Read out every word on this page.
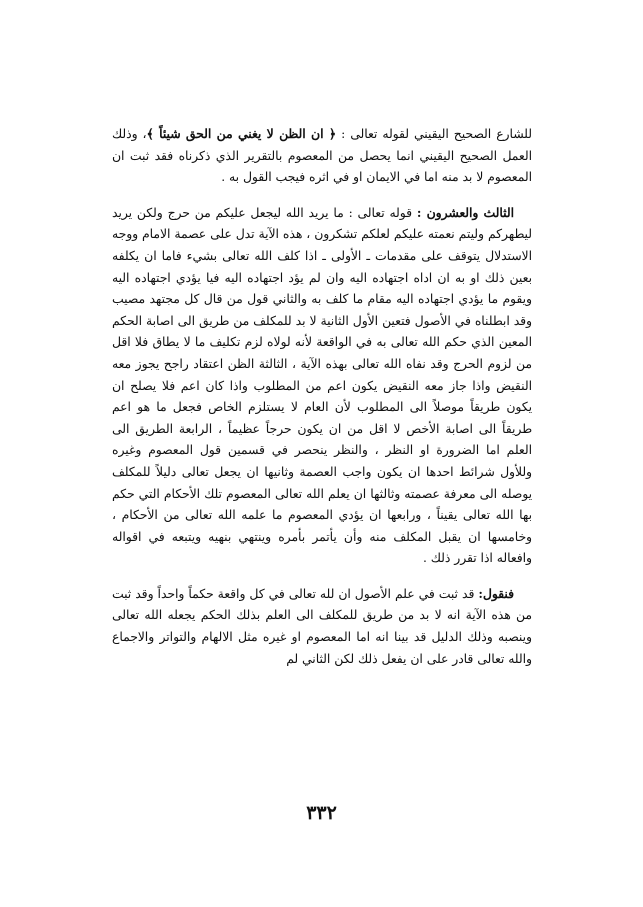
للشارع الصحيح اليقيني لقوله تعالى : ﴿ ان الظن لا يغني من الحق شيئاً ﴾، وذلك العمل الصحيح اليقيني انما يحصل من المعصوم بالتقرير الذي ذكرناه فقد ثبت ان المعصوم لا بد منه اما في الايمان او في اثره فيجب القول به .

الثالث والعشرون : قوله تعالى : ما يريد الله ليجعل عليكم من حرج ولكن يريد ليطهركم وليتم نعمته عليكم لعلكم تشكرون ، هذه الآية تدل على عصمة الامام ووجه الاستدلال يتوقف على مقدمات ـ الأولى ـ اذا كلف الله تعالى بشيء فاما ان يكلفه بعين ذلك او به ان اداه اجتهاده اليه وان لم يؤد اجتهاده اليه فيا يؤدي اجتهاده اليه ويقوم ما يؤدي اجتهاده اليه مقام ما كلف به والثاني قول من قال كل مجتهد مصيب وقد ابطلناه في الأصول فتعين الأول الثانية لا بد للمكلف من طريق الى اصابة الحكم المعين الذي حكم الله تعالى به في الواقعة لأنه لولاه لزم تكليف ما لا يطاق فلا اقل من لزوم الحرج وقد نفاه الله تعالى بهذه الآية ، الثالثة الظن اعتقاد راجح يجوز معه النقيض واذا جاز معه النقيض يكون اعم من المطلوب واذا كان اعم فلا يصلح ان يكون طريقاً موصلاً الى المطلوب لأن العام لا يستلزم الخاص فجعل ما هو اعم طريقاً الى اصابة الأخص لا اقل من ان يكون حرجاً عظيماً ، الرابعة الطريق الى العلم اما الضرورة او النظر ، والنظر ينحصر في قسمين قول المعصوم وغيره وللأول شرائط احدها ان يكون واجب العصمة وثانيها ان يجعل تعالى دليلاً للمكلف يوصله الى معرفة عصمته وثالثها ان يعلم الله تعالى المعصوم تلك الأحكام التي حكم بها الله تعالى يقيناً ، ورابعها ان يؤدي المعصوم ما علمه الله تعالى من الأحكام ، وخامسها ان يقبل المكلف منه وأن يأتمر بأمره وينتهي بنهيه ويتبعه في اقواله وافعاله اذا تقرر ذلك .

فنقول: قد ثبت في علم الأصول ان لله تعالى في كل واقعة حكماً واحداً وقد ثبت من هذه الآية انه لا بد من طريق للمكلف الى العلم بذلك الحكم يجعله الله تعالى وينصبه وذلك الدليل قد بينا انه اما المعصوم او غيره مثل الالهام والتواتر والاجماع والله تعالى قادر على ان يفعل ذلك لكن الثاني لم

٣٣٢
